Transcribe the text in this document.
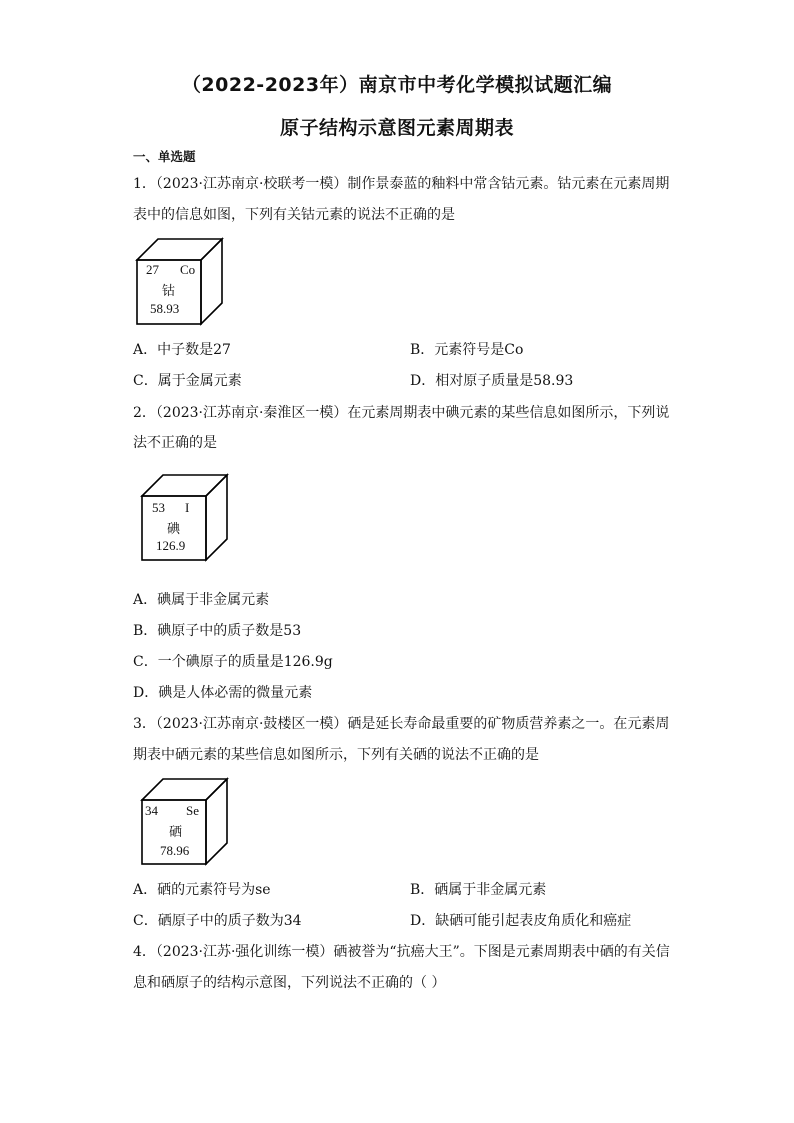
（2022-2023年）南京市中考化学模拟试题汇编
原子结构示意图元素周期表
一、单选题
1．（2023·江苏南京·校联考一模）制作景泰蓝的釉料中常含钴元素。钴元素在元素周期
表中的信息如图，下列有关钴元素的说法不正确的是
27 Co
钴
58.93
A．中子数是27	B．元素符号是Co
C．属于金属元素	D．相对原子质量是58.93
2．（2023·江苏南京·秦淮区一模）在元素周期表中碘元素的某些信息如图所示，下列说
法不正确的是
53 I
碘
126.9
A．碘属于非金属元素
B．碘原子中的质子数是53
C．一个碘原子的质量是126.9g
D．碘是人体必需的微量元素
3．（2023·江苏南京·鼓楼区一模）硒是延长寿命最重要的矿物质营养素之一。在元素周
期表中硒元素的某些信息如图所示，下列有关硒的说法不正确的是
34 Se
硒
78.96
A．硒的元素符号为se	B．硒属于非金属元素
C．硒原子中的质子数为34	D．缺硒可能引起表皮角质化和癌症
4．（2023·江苏·强化训练一模）硒被誉为“抗癌大王”。下图是元素周期表中硒的有关信
息和硒原子的结构示意图，下列说法不正确的（ ）
